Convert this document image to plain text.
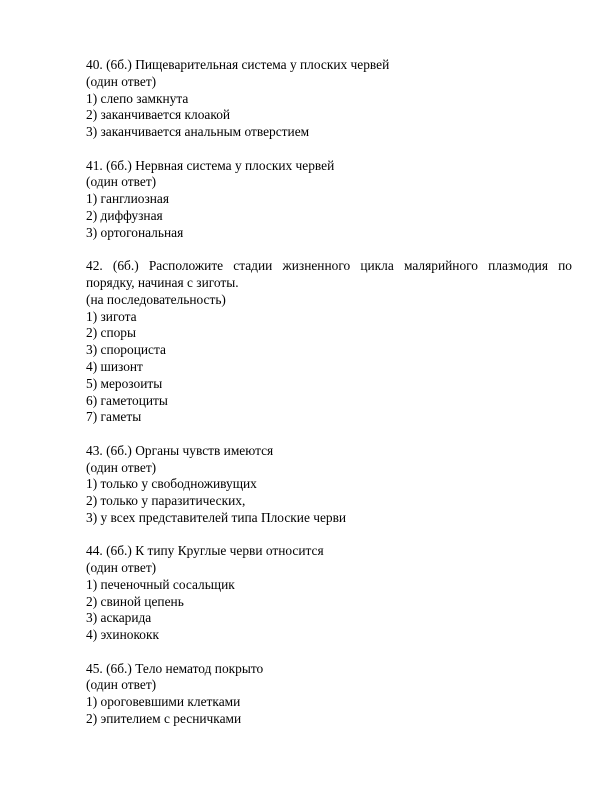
40. (6б.) Пищеварительная система у плоских червей
(один ответ)
1) слепо замкнута
2) заканчивается клоакой
3) заканчивается анальным отверстием
41. (6б.) Нервная система у плоских червей
(один ответ)
1) ганглиозная
2) диффузная
3) ортогональная
42. (6б.) Расположите стадии жизненного цикла малярийного плазмодия по
порядку, начиная с зиготы.
(на последовательность)
1) зигота
2) споры
3) спороциста
4) шизонт
5) мерозоиты
6) гаметоциты
7) гаметы
43. (6б.) Органы чувств имеются
(один ответ)
1) только у свободноживущих
2) только у паразитических,
3) у всех представителей типа Плоские черви
44. (6б.) К типу Круглые черви относится
(один ответ)
1) печеночный сосальщик
2) свиной цепень
3) аскарида
4) эхинококк
45. (6б.) Тело нематод покрыто
(один ответ)
1) ороговевшими клетками
2) эпителием с ресничками
